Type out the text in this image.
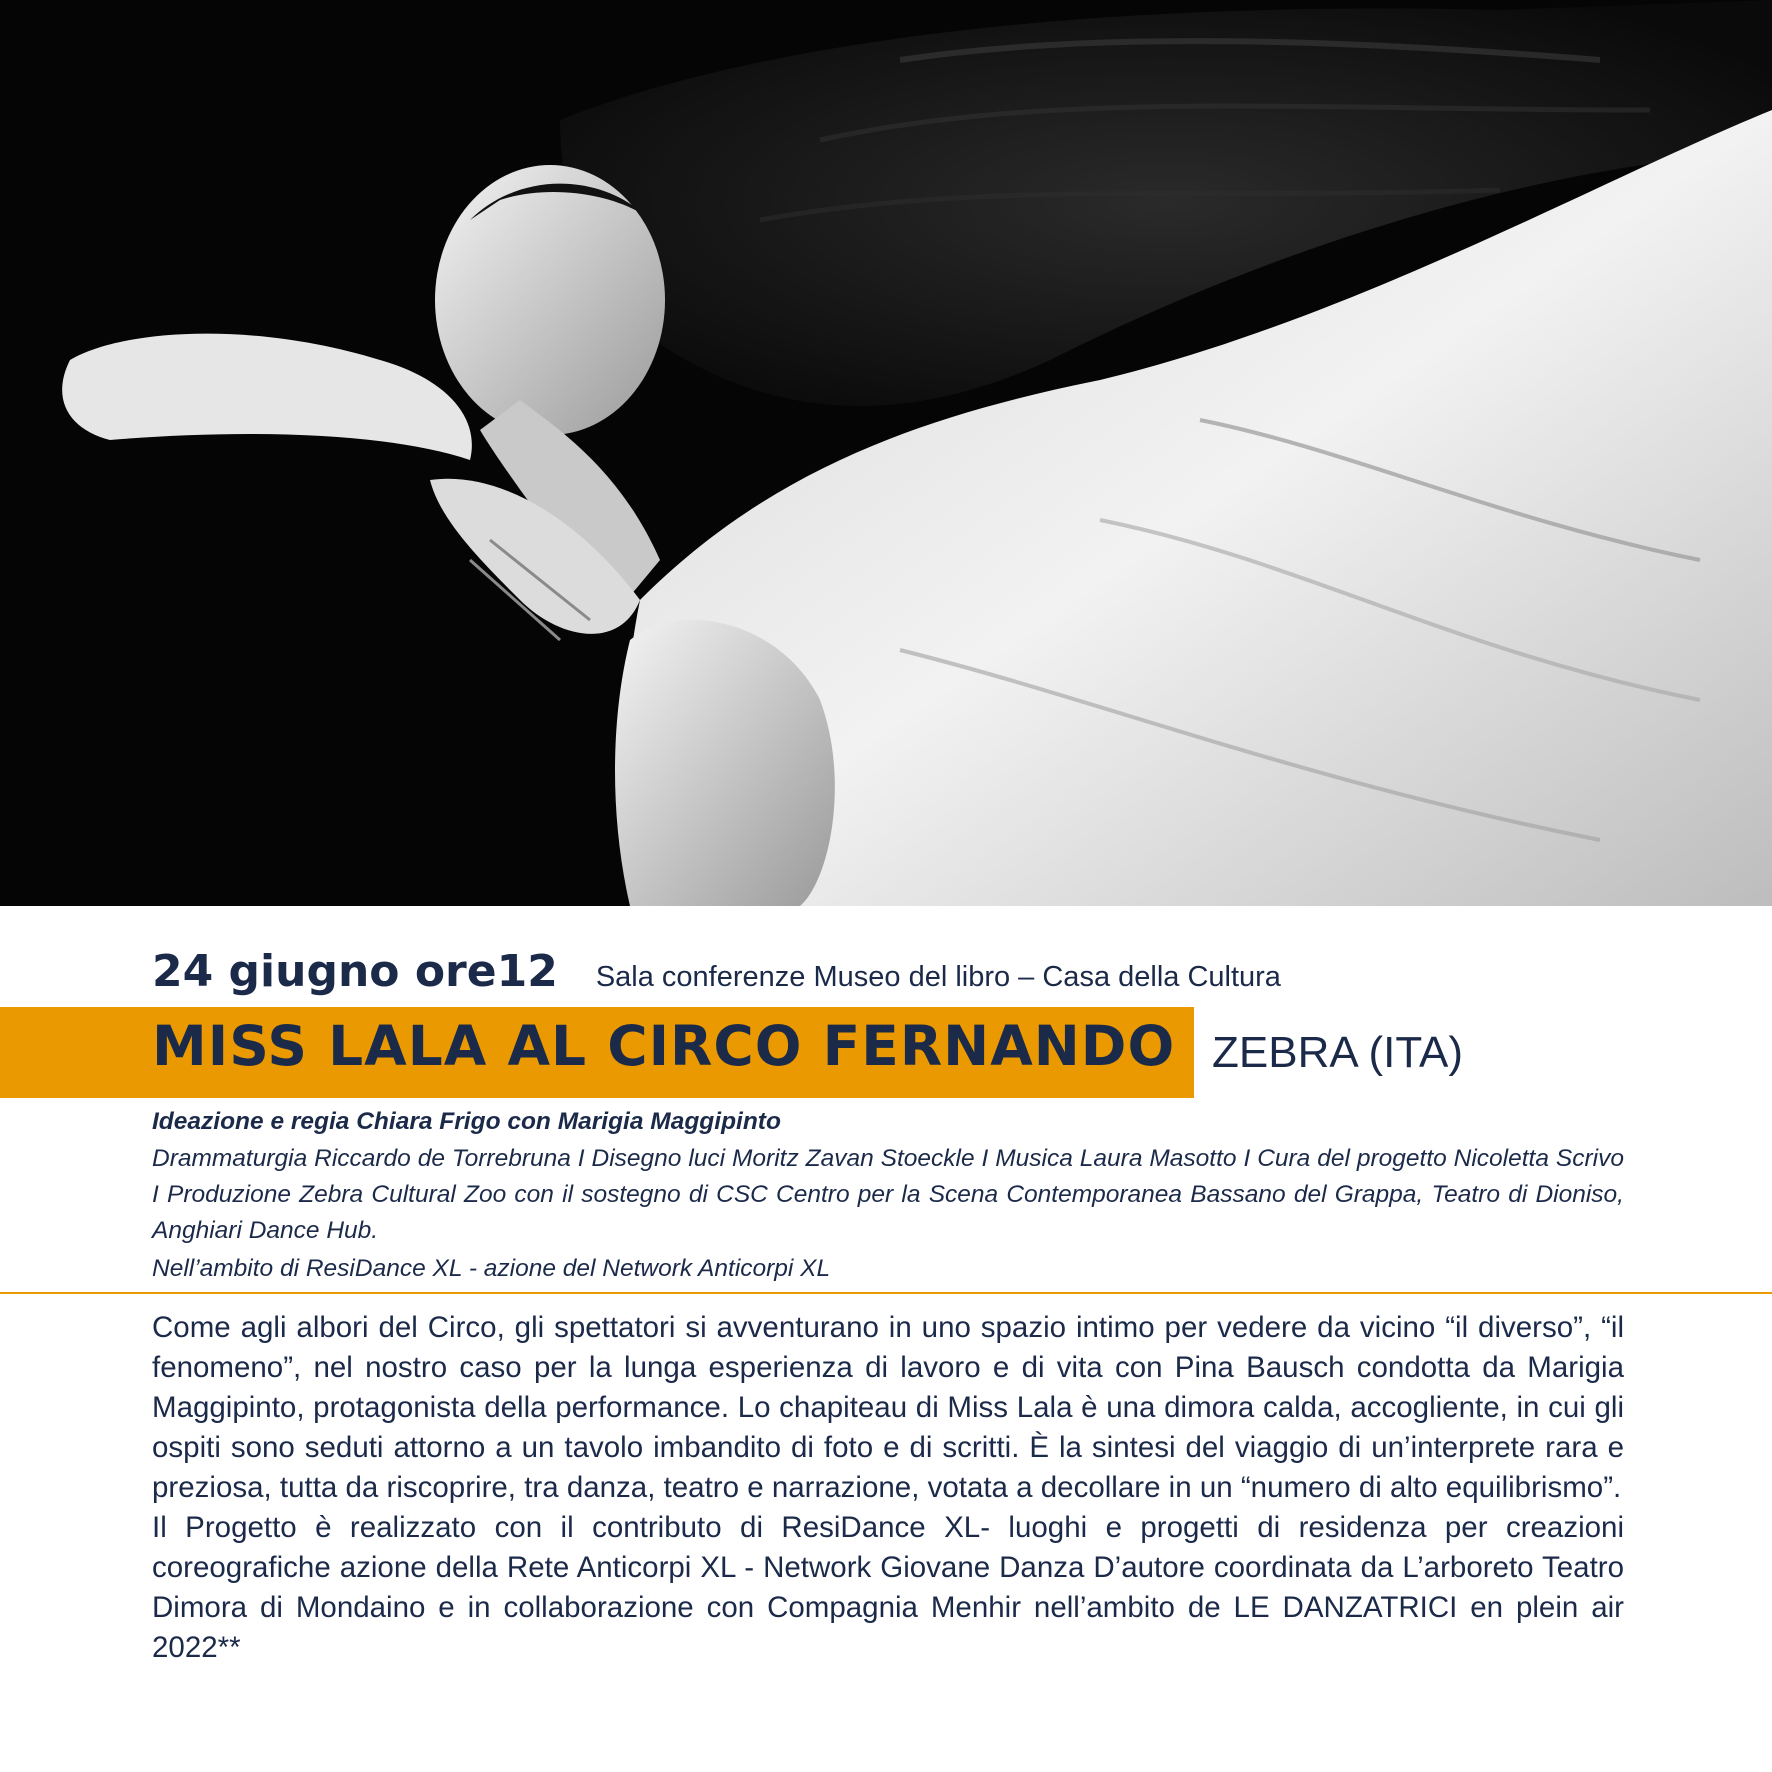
24 giugno ore12 Sala conferenze Museo del libro – Casa della Cultura
MISS LALA AL CIRCO FERNANDO ZEBRA (ITA)
Ideazione e regia Chiara Frigo con Marigia Maggipinto
Drammaturgia Riccardo de Torrebruna I Disegno luci Moritz Zavan Stoeckle I Musica Laura Masotto I Cura del progetto Nicoletta Scrivo I Produzione Zebra Cultural Zoo con il sostegno di CSC Centro per la Scena Contemporanea Bassano del Grappa, Teatro di Dioniso, Anghiari Dance Hub.
Nell’ambito di ResiDance XL - azione del Network Anticorpi XL

Come agli albori del Circo, gli spettatori si avventurano in uno spazio intimo per vedere da vicino “il diverso”, “il fenomeno”, nel nostro caso per la lunga esperienza di lavoro e di vita con Pina Bausch condotta da Marigia Maggipinto, protagonista della performance. Lo chapiteau di Miss Lala è una dimora calda, accogliente, in cui gli ospiti sono seduti attorno a un tavolo imbandito di foto e di scritti. È la sintesi del viaggio di un’interprete rara e preziosa, tutta da riscoprire, tra danza, teatro e narrazione, votata a decollare in un “numero di alto equilibrismo”.

Il Progetto è realizzato con il contributo di ResiDance XL- luoghi e progetti di residenza per creazioni coreografiche azione della Rete Anticorpi XL - Network Giovane Danza D’autore coordinata da L’arboreto Teatro Dimora di Mondaino e in collaborazione con Compagnia Menhir nell’ambito de LE DANZATRICI en plein air 2022**
